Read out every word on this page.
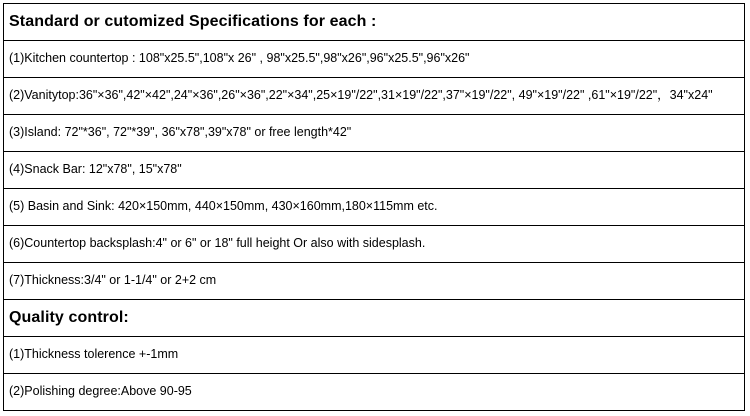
Standard or cutomized Specifications for each :
(1)Kitchen countertop : 108"x25.5",108"x 26" , 98"x25.5",98"x26",96"x25.5",96"x26"
(2)Vanitytop:36"×36",42"×42",24"×36",26"×36",22"×34",25×19"/22",31×19"/22",37"×19"/22", 49"×19"/22" ,61"×19"/22"，34"x24"
(3)Island: 72"*36", 72"*39", 36"x78",39"x78" or free length*42"
(4)Snack Bar: 12"x78", 15"x78"
(5) Basin and Sink: 420×150mm, 440×150mm, 430×160mm,180×115mm etc.
(6)Countertop backsplash:4" or 6" or 18" full height Or also with sidesplash.
(7)Thickness:3/4" or 1-1/4" or 2+2 cm
Quality control:
(1)Thickness tolerence +-1mm
(2)Polishing degree:Above 90-95
